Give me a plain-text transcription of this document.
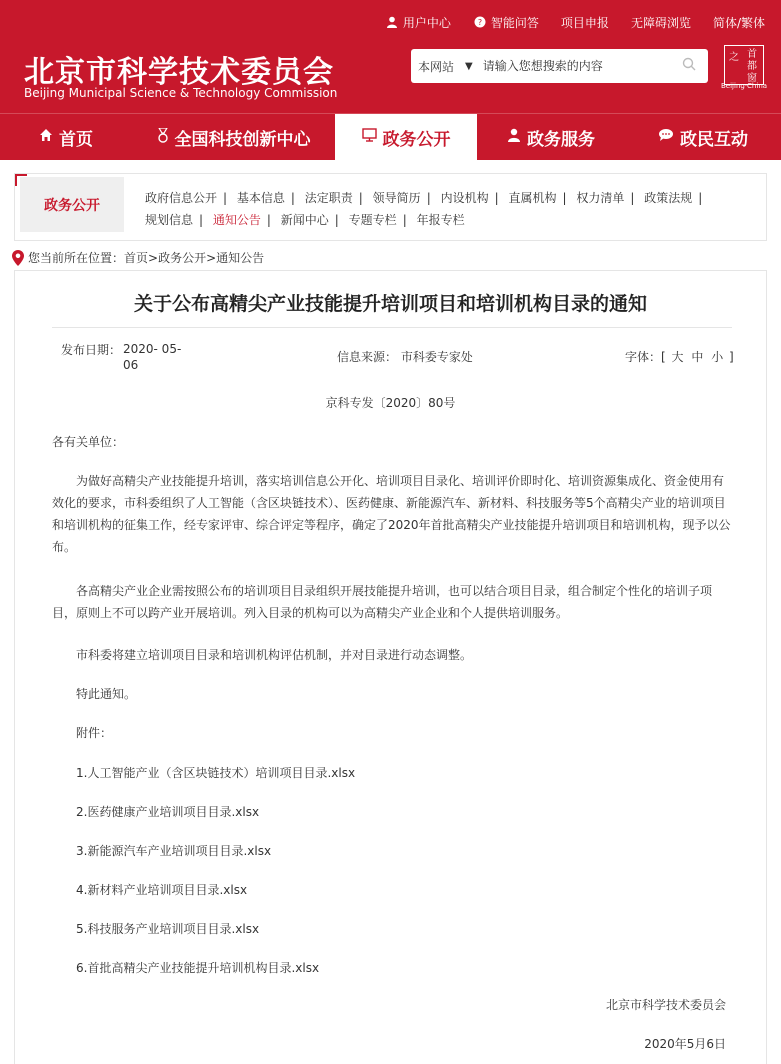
用户中心	? 智能问答 项目申报 无障碍浏览 简体/繁体
北京市科学技术委员会
Beijing Municipal Science & Technology Commission
本网站	▼
请输入您想搜索的内容
之 首都窗
Beijing·China
首页	全国科技创新中心	政务公开	政务服务	政民互动
政务公开	政府信息公开 | 基本信息 | 法定职责 | 领导简历 | 内设机构 | 直属机构 | 权力清单 | 政策法规 |
规划信息 | 通知公告 | 新闻中心 | 专题专栏 | 年报专栏
您当前所在位置： 首页 > 政务公开 > 通知公告
关于公布高精尖产业技能提升培训项目和培训机构目录的通知
发布日期： 2020- 05- 06
信息来源： 市科委专家处	字体：[ 大 中 小 ]
京科专发〔2020〕80号
各有关单位：
为做好高精尖产业技能提升培训，落实培训信息公开化、培训项目目录化、培训评价即时化、培训资源集成化、资金使用有效化的要求，市科委组织了人工智能（含区块链技术）、医药健康、新能源汽车、新材料、科技服务等5个高精尖产业的培训项目和培训机构的征集工作，经专家评审、综合评定等程序，确定了2020年首批高精尖产业技能提升培训项目和培训机构，现予以公布。
各高精尖产业企业需按照公布的培训项目目录组织开展技能提升培训，也可以结合项目目录，组合制定个性化的培训子项目，原则上不可以跨产业开展培训。列入目录的机构可以为高精尖产业企业和个人提供培训服务。
市科委将建立培训项目目录和培训机构评估机制，并对目录进行动态调整。
特此通知。
附件：
1.人工智能产业（含区块链技术）培训项目目录.xlsx
2.医药健康产业培训项目目录.xlsx
3.新能源汽车产业培训项目目录.xlsx
4.新材料产业培训项目目录.xlsx
5.科技服务产业培训项目目录.xlsx
6.首批高精尖产业技能提升培训机构目录.xlsx
北京市科学技术委员会
2020年5月6日
